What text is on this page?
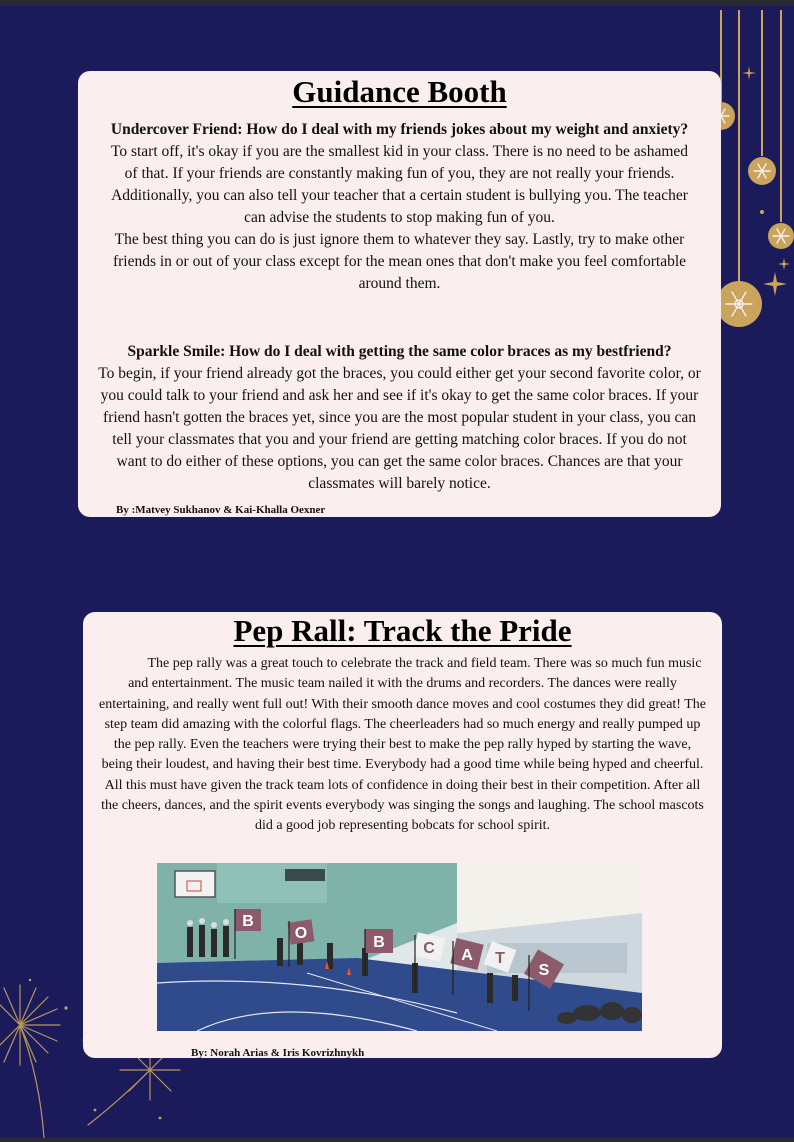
Guidance Booth

Undercover Friend: How do I deal with my friends jokes about my weight and anxiety?

To start off, it's okay if you are the smallest kid in your class. There is no need to be ashamed of that. If your friends are constantly making fun of you, they are not really your friends. Additionally, you can also tell your teacher that a certain student is bullying you. The teacher can advise the students to stop making fun of you.

The best thing you can do is just ignore them to whatever they say. Lastly, try to make other friends in or out of your class except for the mean ones that don't make you feel comfortable around them.

Sparkle Smile: How do I deal with getting the same color braces as my bestfriend?

To begin, if your friend already got the braces, you could either get your second favorite color, or you could talk to your friend and ask her and see if it's okay to get the same color braces. If your friend hasn't gotten the braces yet, since you are the most popular student in your class, you can tell your classmates that you and your friend are getting matching color braces. If you do not want to do either of these options, you can get the same color braces. Chances are that your classmates will barely notice.

By :Matvey Sukhanov & Kai-Khalla Oexner
Pep Rall: Track the Pride

The pep rally was a great touch to celebrate the track and field team. There was so much fun music and entertainment. The music team nailed it with the drums and recorders. The dances were really entertaining, and really went full out! With their smooth dance moves and cool costumes they did great! The step team did amazing with the colorful flags. The cheerleaders had so much energy and really pumped up the pep rally. Even the teachers were trying their best to make the pep rally hyped by starting the wave, being their loudest, and having their best time. Everybody had a good time while being hyped and cheerful. All this must have given the track team lots of confidence in doing their best in their competition. After all the cheers, dances, and the spirit events everybody was singing the songs and laughing. The school mascots did a good job representing bobcats for school spirit.

B
O
B C A T
S
By: Norah Arias & Iris Kovrizhnykh
